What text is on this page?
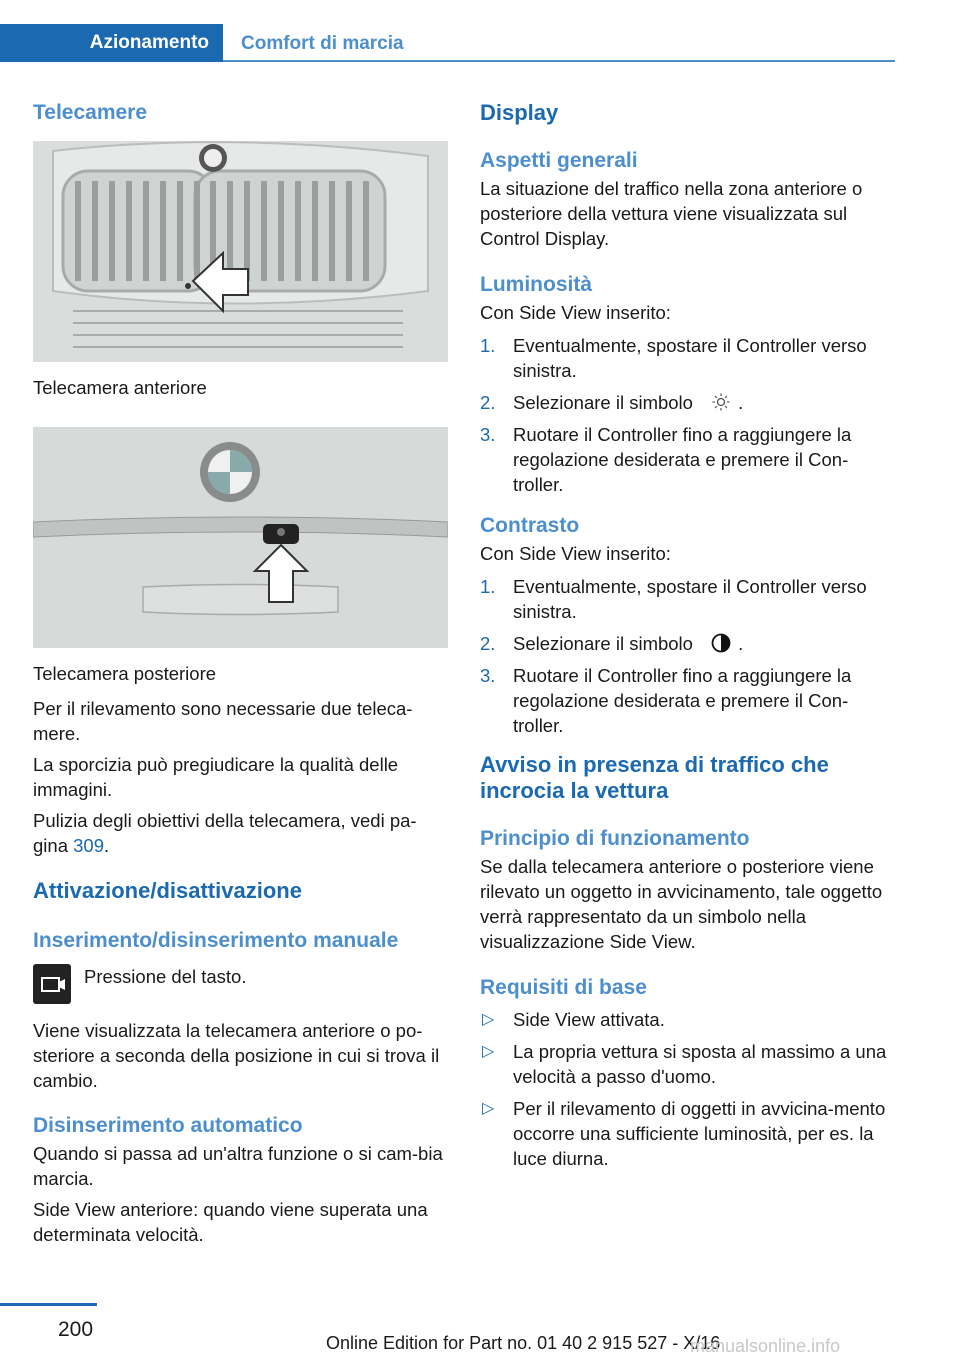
Azionamento	Comfort di marcia
Telecamere
Telecamera anteriore
Telecamera posteriore
Per il rilevamento sono necessarie due teleca-mere.
La sporcizia può pregiudicare la qualità delle immagini.
Pulizia degli obiettivi della telecamera, vedi pa-gina 309.
Attivazione/disattivazione
Inserimento/disinserimento manuale
Pressione del tasto.
Viene visualizzata la telecamera anteriore o po-steriore a seconda della posizione in cui si trova il cambio.
Disinserimento automatico
Quando si passa ad un'altra funzione o si cam-bia marcia.
Side View anteriore: quando viene superata una determinata velocità.
Display
Aspetti generali
La situazione del traffico nella zona anteriore o posteriore della vettura viene visualizzata sul Control Display.
Luminosità
Con Side View inserito:
1. Eventualmente, spostare il Controller verso sinistra.
2. Selezionare il simbolo .
3. Ruotare il Controller fino a raggiungere la regolazione desiderata e premere il Con-troller.
Contrasto
Con Side View inserito:
1. Eventualmente, spostare il Controller verso sinistra.
2. Selezionare il simbolo .
3. Ruotare il Controller fino a raggiungere la regolazione desiderata e premere il Con-troller.
Avviso in presenza di traffico che incrocia la vettura
Principio di funzionamento
Se dalla telecamera anteriore o posteriore viene rilevato un oggetto in avvicinamento, tale oggetto verrà rappresentato da un simbolo nella visualizzazione Side View.
Requisiti di base
▷ Side View attivata.
▷ La propria vettura si sposta al massimo a una velocità a passo d'uomo.
▷ Per il rilevamento di oggetti in avvicina-mento occorre una sufficiente luminosità, per es. la luce diurna.
200
Online Edition for Part no. 01 40 2 915 527 - X/16
manualsonline.info
